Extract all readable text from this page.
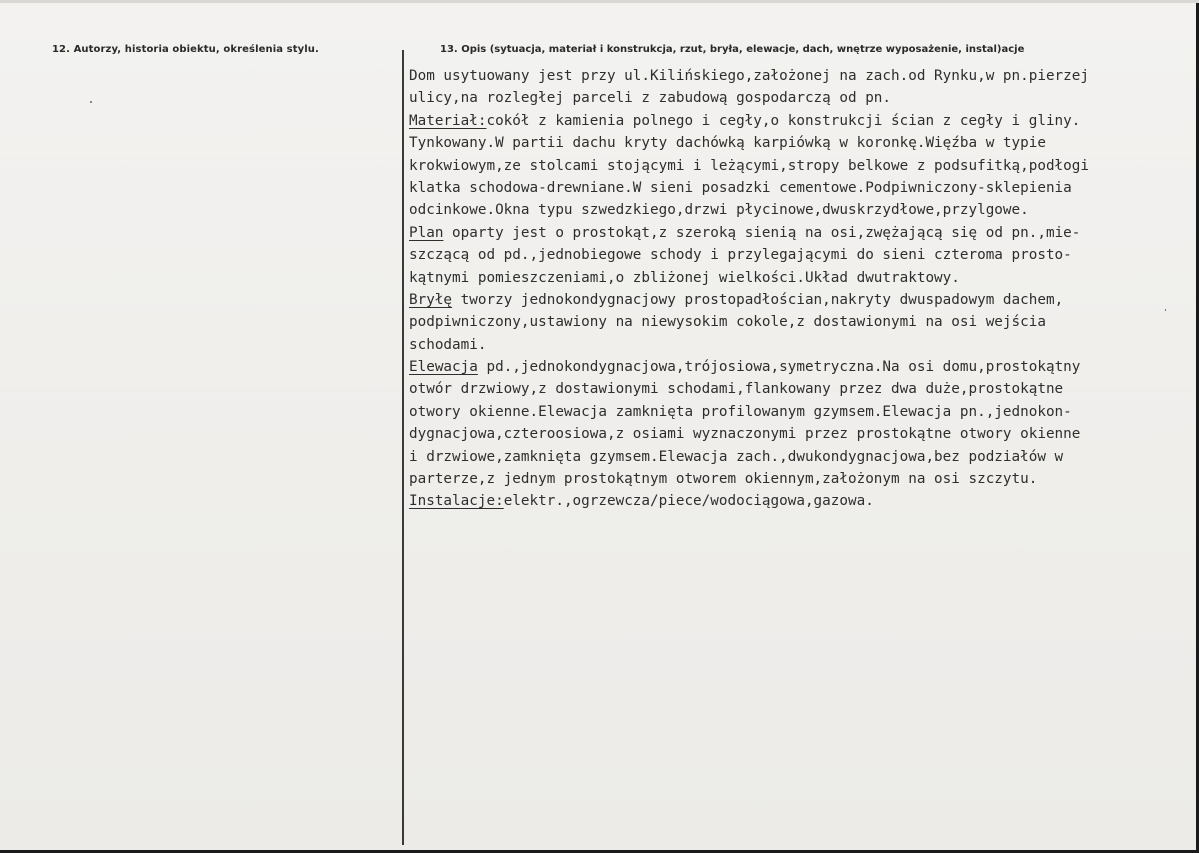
12. Autorzy, historia obiektu, określenia stylu.	13. Opis (sytuacja, materiał i konstrukcja, rzut, bryła, elewacje, dach, wnętrze wyposażenie, instal)acje
Dom usytuowany jest przy ul.Kilińskiego,założonej na zach.od Rynku,w pn.pierzej
ulicy,na rozległej parceli z zabudową gospodarczą od pn.
Materiał:cokół z kamienia polnego i cegły,o konstrukcji ścian z cegły i gliny.
Tynkowany.W partii dachu kryty dachówką karpiówką w koronkę.Więźba w typie
krokwiowym,ze stolcami stojącymi i leżącymi,stropy belkowe z podsufitką,podłogi
klatka schodowa-drewniane.W sieni posadzki cementowe.Podpiwniczony-sklepienia
odcinkowe.Okna typu szwedzkiego,drzwi płycinowe,dwuskrzydłowe,przylgowe.
Plan oparty jest o prostokąt,z szeroką sienią na osi,zwężającą się od pn.,mie-
szczącą od pd.,jednobiegowe schody i przylegającymi do sieni czteroma prosto-
kątnymi pomieszczeniami,o zbliżonej wielkości.Układ dwutraktowy.
Bryłę tworzy jednokondygnacjowy prostopadłościan,nakryty dwuspadowym dachem,
podpiwniczony,ustawiony na niewysokim cokole,z dostawionymi na osi wejścia
schodami.
Elewacja pd.,jednokondygnacjowa,trójosiowa,symetryczna.Na osi domu,prostokątny
otwór drzwiowy,z dostawionymi schodami,flankowany przez dwa duże,prostokątne
otwory okienne.Elewacja zamknięta profilowanym gzymsem.Elewacja pn.,jednokon-
dygnacjowa,czteroosiowa,z osiami wyznaczonymi przez prostokątne otwory okienne
i drzwiowe,zamknięta gzymsem.Elewacja zach.,dwukondygnacjowa,bez podziałów w
parterze,z jednym prostokątnym otworem okiennym,założonym na osi szczytu.
Instalacje:elektr.,ogrzewcza/piece/wodociągowa,gazowa.
